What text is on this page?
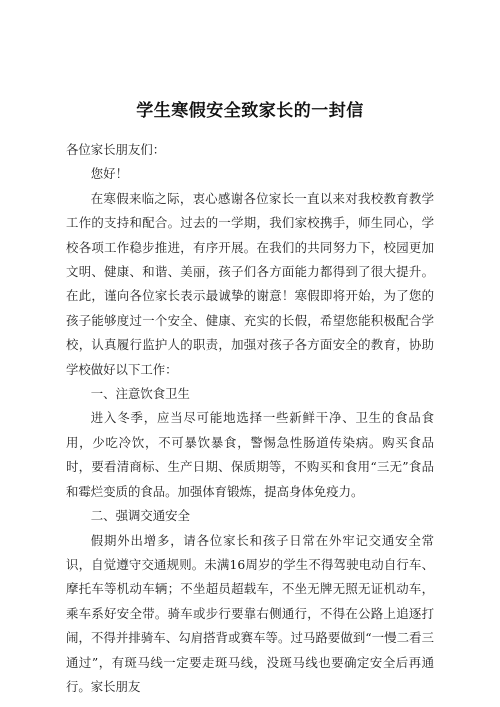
学生寒假安全致家长的一封信

各位家长朋友们：

您好！

在寒假来临之际，衷心感谢各位家长一直以来对我校教育教学工作的支持和配合。过去的一学期，我们家校携手，师生同心，学校各项工作稳步推进，有序开展。在我们的共同努力下，校园更加文明、健康、和谐、美丽，孩子们各方面能力都得到了很大提升。在此，谨向各位家长表示最诚挚的谢意！寒假即将开始，为了您的孩子能够度过一个安全、健康、充实的长假，希望您能积极配合学校，认真履行监护人的职责，加强对孩子各方面安全的教育，协助学校做好以下工作：

一、注意饮食卫生

进入冬季，应当尽可能地选择一些新鲜干净、卫生的食品食用，少吃冷饮，不可暴饮暴食，警惕急性肠道传染病。购买食品时，要看清商标、生产日期、保质期等，不购买和食用“三无”食品和霉烂变质的食品。加强体育锻炼，提高身体免疫力。

二、强调交通安全

假期外出增多，请各位家长和孩子日常在外牢记交通安全常识，自觉遵守交通规则。未满16周岁的学生不得驾驶电动自行车、摩托车等机动车辆；不坐超员超载车，不坐无牌无照无证机动车，乘车系好安全带。骑车或步行要靠右侧通行，不得在公路上追逐打闹，不得并排骑车、勾肩搭背或赛车等。过马路要做到“一慢二看三通过”，有斑马线一定要走斑马线，没斑马线也要确定安全后再通行。家长朋友
